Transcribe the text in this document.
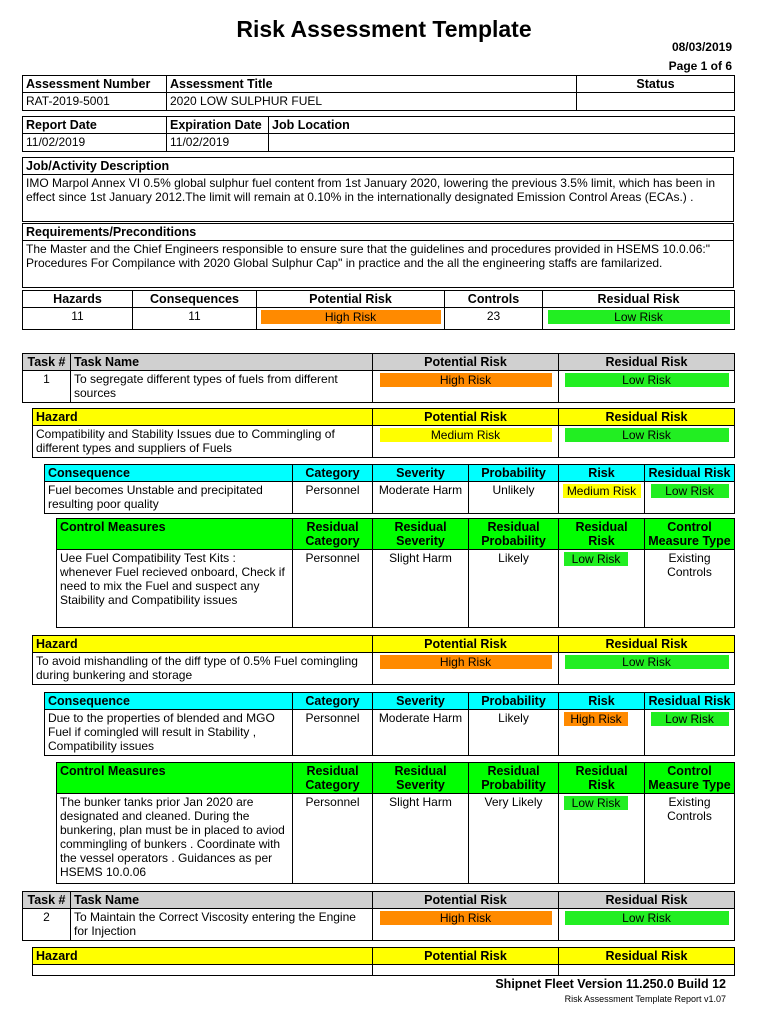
Risk Assessment Template
08/03/2019
Page 1 of 6
Assessment Number	Assessment Title	Status
RAT-2019-5001	2020 LOW SULPHUR FUEL	
Report Date	Expiration Date	Job Location
11/02/2019	11/02/2019	
Job/Activity Description
IMO Marpol Annex VI 0.5% global sulphur fuel content from 1st January 2020, lowering the previous 3.5% limit, which has been in effect since 1st January 2012.The limit will remain at 0.10% in the internationally designated Emission Control Areas (ECAs.) .
Requirements/Preconditions
The Master and the Chief Engineers responsible to ensure sure that the guidelines and procedures provided in HSEMS 10.0.06:" Procedures For Compilance with 2020 Global Sulphur Cap" in practice and the all the engineering staffs are familarized.
Hazards	Consequences	Potential Risk	Controls	Residual Risk
11	11	High Risk	23	Low Risk
Task #	Task Name	Potential Risk	Residual Risk
1	To segregate different types of fuels from different sources	High Risk	Low Risk
Hazard	Potential Risk	Residual Risk
Compatibility and Stability Issues due to Commingling of different types and suppliers of Fuels	Medium Risk	Low Risk
Consequence	Category	Severity	Probability	Risk	Residual Risk
Fuel becomes Unstable and precipitated resulting poor quality	Personnel	Moderate Harm	Unlikely	Medium Risk	Low Risk
Control Measures	Residual Category	Residual Severity	Residual Probability	Residual Risk	Control Measure Type
Uee Fuel Compatibility Test Kits : whenever Fuel recieved onboard, Check if need to mix the Fuel and suspect any Staibility and Compatibility issues	Personnel	Slight Harm	Likely	Low Risk	Existing Controls
Hazard	Potential Risk	Residual Risk
To avoid mishandling of the diff type of 0.5% Fuel comingling during bunkering and storage	High Risk	Low Risk
Consequence	Category	Severity	Probability	Risk	Residual Risk
Due to the properties of blended and MGO Fuel if comingled will result in Stability , Compatibility issues	Personnel	Moderate Harm	Likely	High Risk	Low Risk
Control Measures	Residual Category	Residual Severity	Residual Probability	Residual Risk	Control Measure Type
The bunker tanks prior Jan 2020 are designated and cleaned. During the bunkering, plan must be in placed to aviod commingling of bunkers . Coordinate with the vessel operators . Guidances as per HSEMS 10.0.06	Personnel	Slight Harm	Very Likely	Low Risk	Existing Controls
Task #	Task Name	Potential Risk	Residual Risk
2	To Maintain the Correct Viscosity entering the Engine for Injection	High Risk	Low Risk
Hazard	Potential Risk	Residual Risk

Shipnet Fleet Version 11.250.0 Build 12
Risk Assessment Template Report v1.07
